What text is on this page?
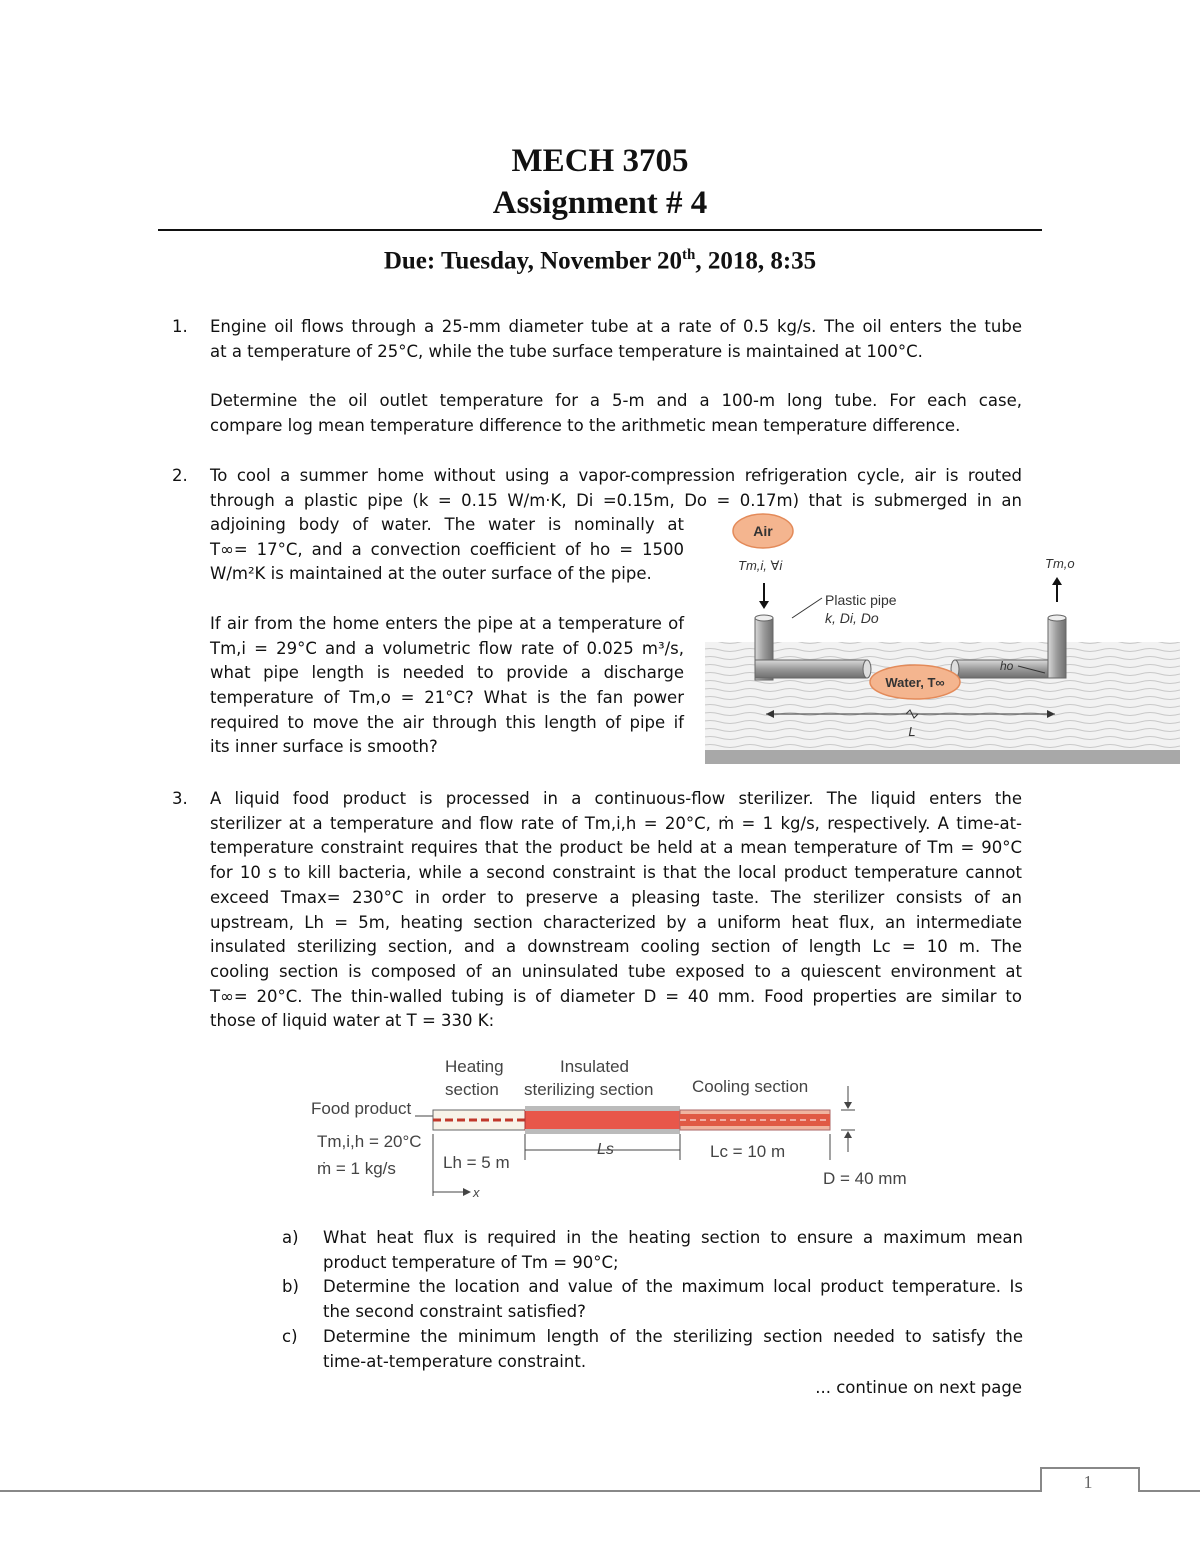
MECH 3705
Assignment # 4
Due: Tuesday, November 20th, 2018, 8:35
1. Engine oil flows through a 25-mm diameter tube at a rate of 0.5 kg/s. The oil enters the tube
at a temperature of 25°C, while the tube surface temperature is maintained at 100°C.
Determine the oil outlet temperature for a 5-m and a 100-m long tube. For each case,
compare log mean temperature difference to the arithmetic mean temperature difference.
2. To cool a summer home without using a vapor-compression refrigeration cycle, air is routed
through a plastic pipe (k = 0.15 W/m·K, Di =0.15m, Do = 0.17m) that is submerged in an
adjoining body of water. The water is nominally at
T∞= 17°C, and a convection coefficient of ho = 1500
W/m²K is maintained at the outer surface of the pipe.
If air from the home enters the pipe at a temperature of
Tm,i = 29°C and a volumetric flow rate of 0.025 m³/s,
what pipe length is needed to provide a discharge
temperature of Tm,o = 21°C? What is the fan power
required to move the air through this length of pipe if
its inner surface is smooth?
Air
Tm,i, ∀i	Tm,o
Plastic pipe
k, Di, Do
ho
Water, T∞
L
3. A liquid food product is processed in a continuous-flow sterilizer. The liquid enters the
sterilizer at a temperature and flow rate of Tm,i,h = 20°C, ṁ = 1 kg/s, respectively. A time-at-
temperature constraint requires that the product be held at a mean temperature of Tm = 90°C
for 10 s to kill bacteria, while a second constraint is that the local product temperature cannot
exceed Tmax= 230°C in order to preserve a pleasing taste. The sterilizer consists of an
upstream, Lh = 5m, heating section characterized by a uniform heat flux, an intermediate
insulated sterilizing section, and a downstream cooling section of length Lc = 10 m. The
cooling section is composed of an uninsulated tube exposed to a quiescent environment at
T∞= 20°C. The thin-walled tubing is of diameter D = 40 mm. Food properties are similar to
those of liquid water at T = 330 K:
Heating
section
Insulated
sterilizing section Cooling section
Food product
D = 40 mm
Tm,i,h = 20°C
ṁ = 1 kg/s	Lh = 5 m
Ls	Lc = 10 m
x
a) What heat flux is required in the heating section to ensure a maximum mean
product temperature of Tm = 90°C;
b) Determine the location and value of the maximum local product temperature. Is
the second constraint satisfied?
c) Determine the minimum length of the sterilizing section needed to satisfy the
time-at-temperature constraint.
... continue on next page
1
